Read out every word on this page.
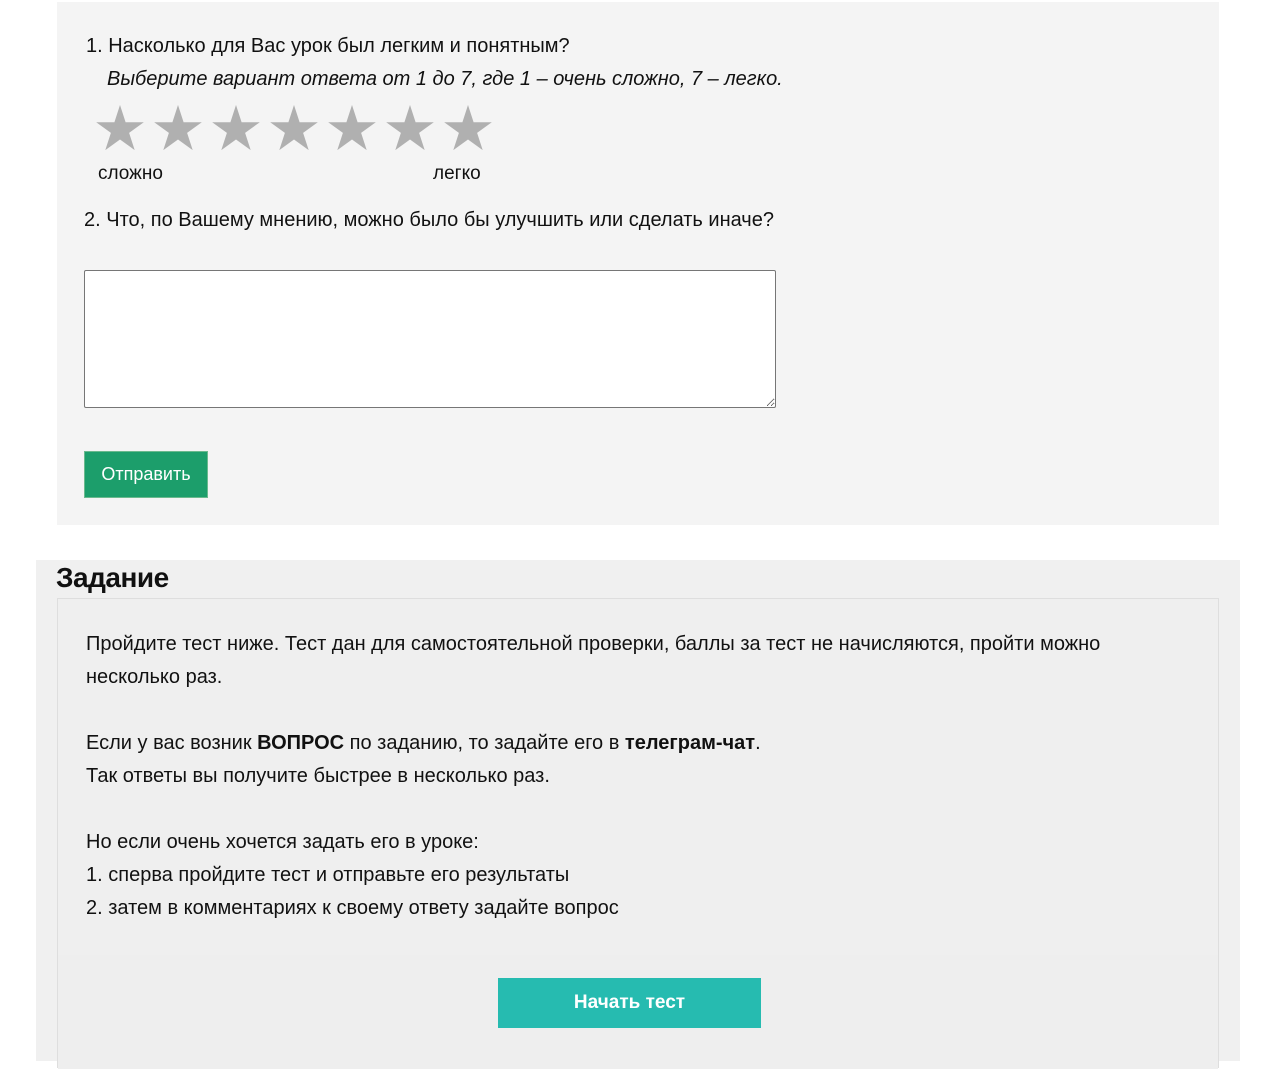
1. Насколько для Вас урок был легким и понятным?
Выберите вариант ответа от 1 до 7, где 1 – очень сложно, 7 – легко.
сложно	легко
2. Что, по Вашему мнению, можно было бы улучшить или сделать иначе?
Отправить
Задание

Пройдите тест ниже. Тест дан для самостоятельной проверки, баллы за тест не начисляются, пройти можно несколько раз.

Если у вас возник ВОПРОС по заданию, то задайте его в телеграм-чат.

Так ответы вы получите быстрее в несколько раз.

Но если очень хочется задать его в уроке:

1. сперва пройдите тест и отправьте его результаты

2. затем в комментариях к своему ответу задайте вопрос

Начать тест
